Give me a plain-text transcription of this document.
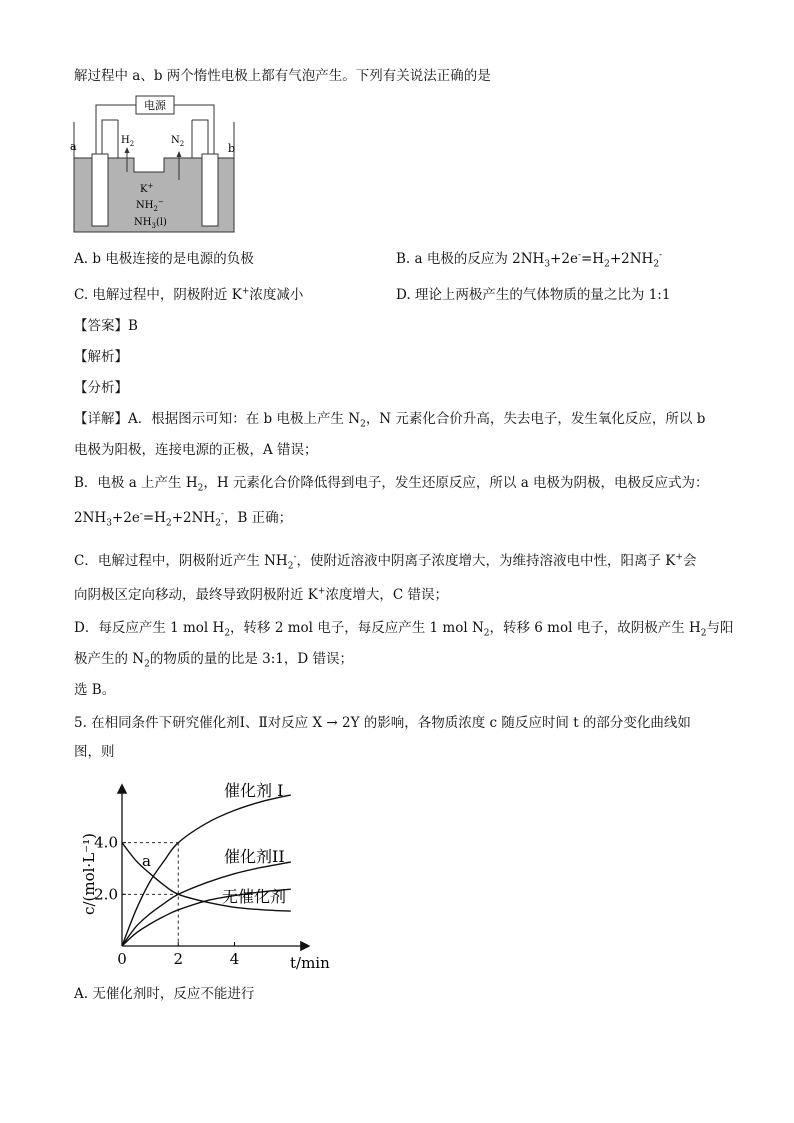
解过程中 a、b 两个惰性电极上都有气泡产生。下列有关说法正确的是
电源
$H_2$	$N_2$
K+
$NH_2^-$
$NH_3(l)$
a	b
A. b 电极连接的是电源的负极	B. a 电极的反应为 $2NH_3+2e^-=H_2+2NH_2^-$
C. 电解过程中，阴极附近 K+浓度减小	D. 理论上两极产生的气体物质的量之比为 1:1
【答案】B
【解析】
【分析】
【详解】A．根据图示可知：在 b 电极上产生 $N_2$，N 元素化合价升高，失去电子，发生氧化反应，所以 b
电极为阳极，连接电源的正极，A 错误；
B．电极 a 上产生 $H_2$，H 元素化合价降低得到电子，发生还原反应，所以 a 电极为阴极，电极反应式为：
$2NH_3+2e^-=H_2+2NH_2^-$，B 正确；
C．电解过程中，阴极附近产生 $NH_2^-$，使附近溶液中阴离子浓度增大，为维持溶液电中性，阳离子 K+会
向阴极区定向移动，最终导致阴极附近 K+浓度增大，C 错误；
D．每反应产生 1 mol $H_2$，转移 2 mol 电子，每反应产生 1 mol $N_2$，转移 6 mol 电子，故阴极产生 $H_2$与阳
极产生的 $N_2$的物质的量的比是 3:1，D 错误；
选 B。
5. 在相同条件下研究催化剂Ⅰ、Ⅱ对反应 X → 2Y 的影响，各物质浓度 c 随反应时间 t 的部分变化曲线如
图，则
0	2	4
2.0
4.0
c/(mol·L⁻¹)
t/min
催化剂 I
催化剂II
无催化剂
a
A. 无催化剂时，反应不能进行
